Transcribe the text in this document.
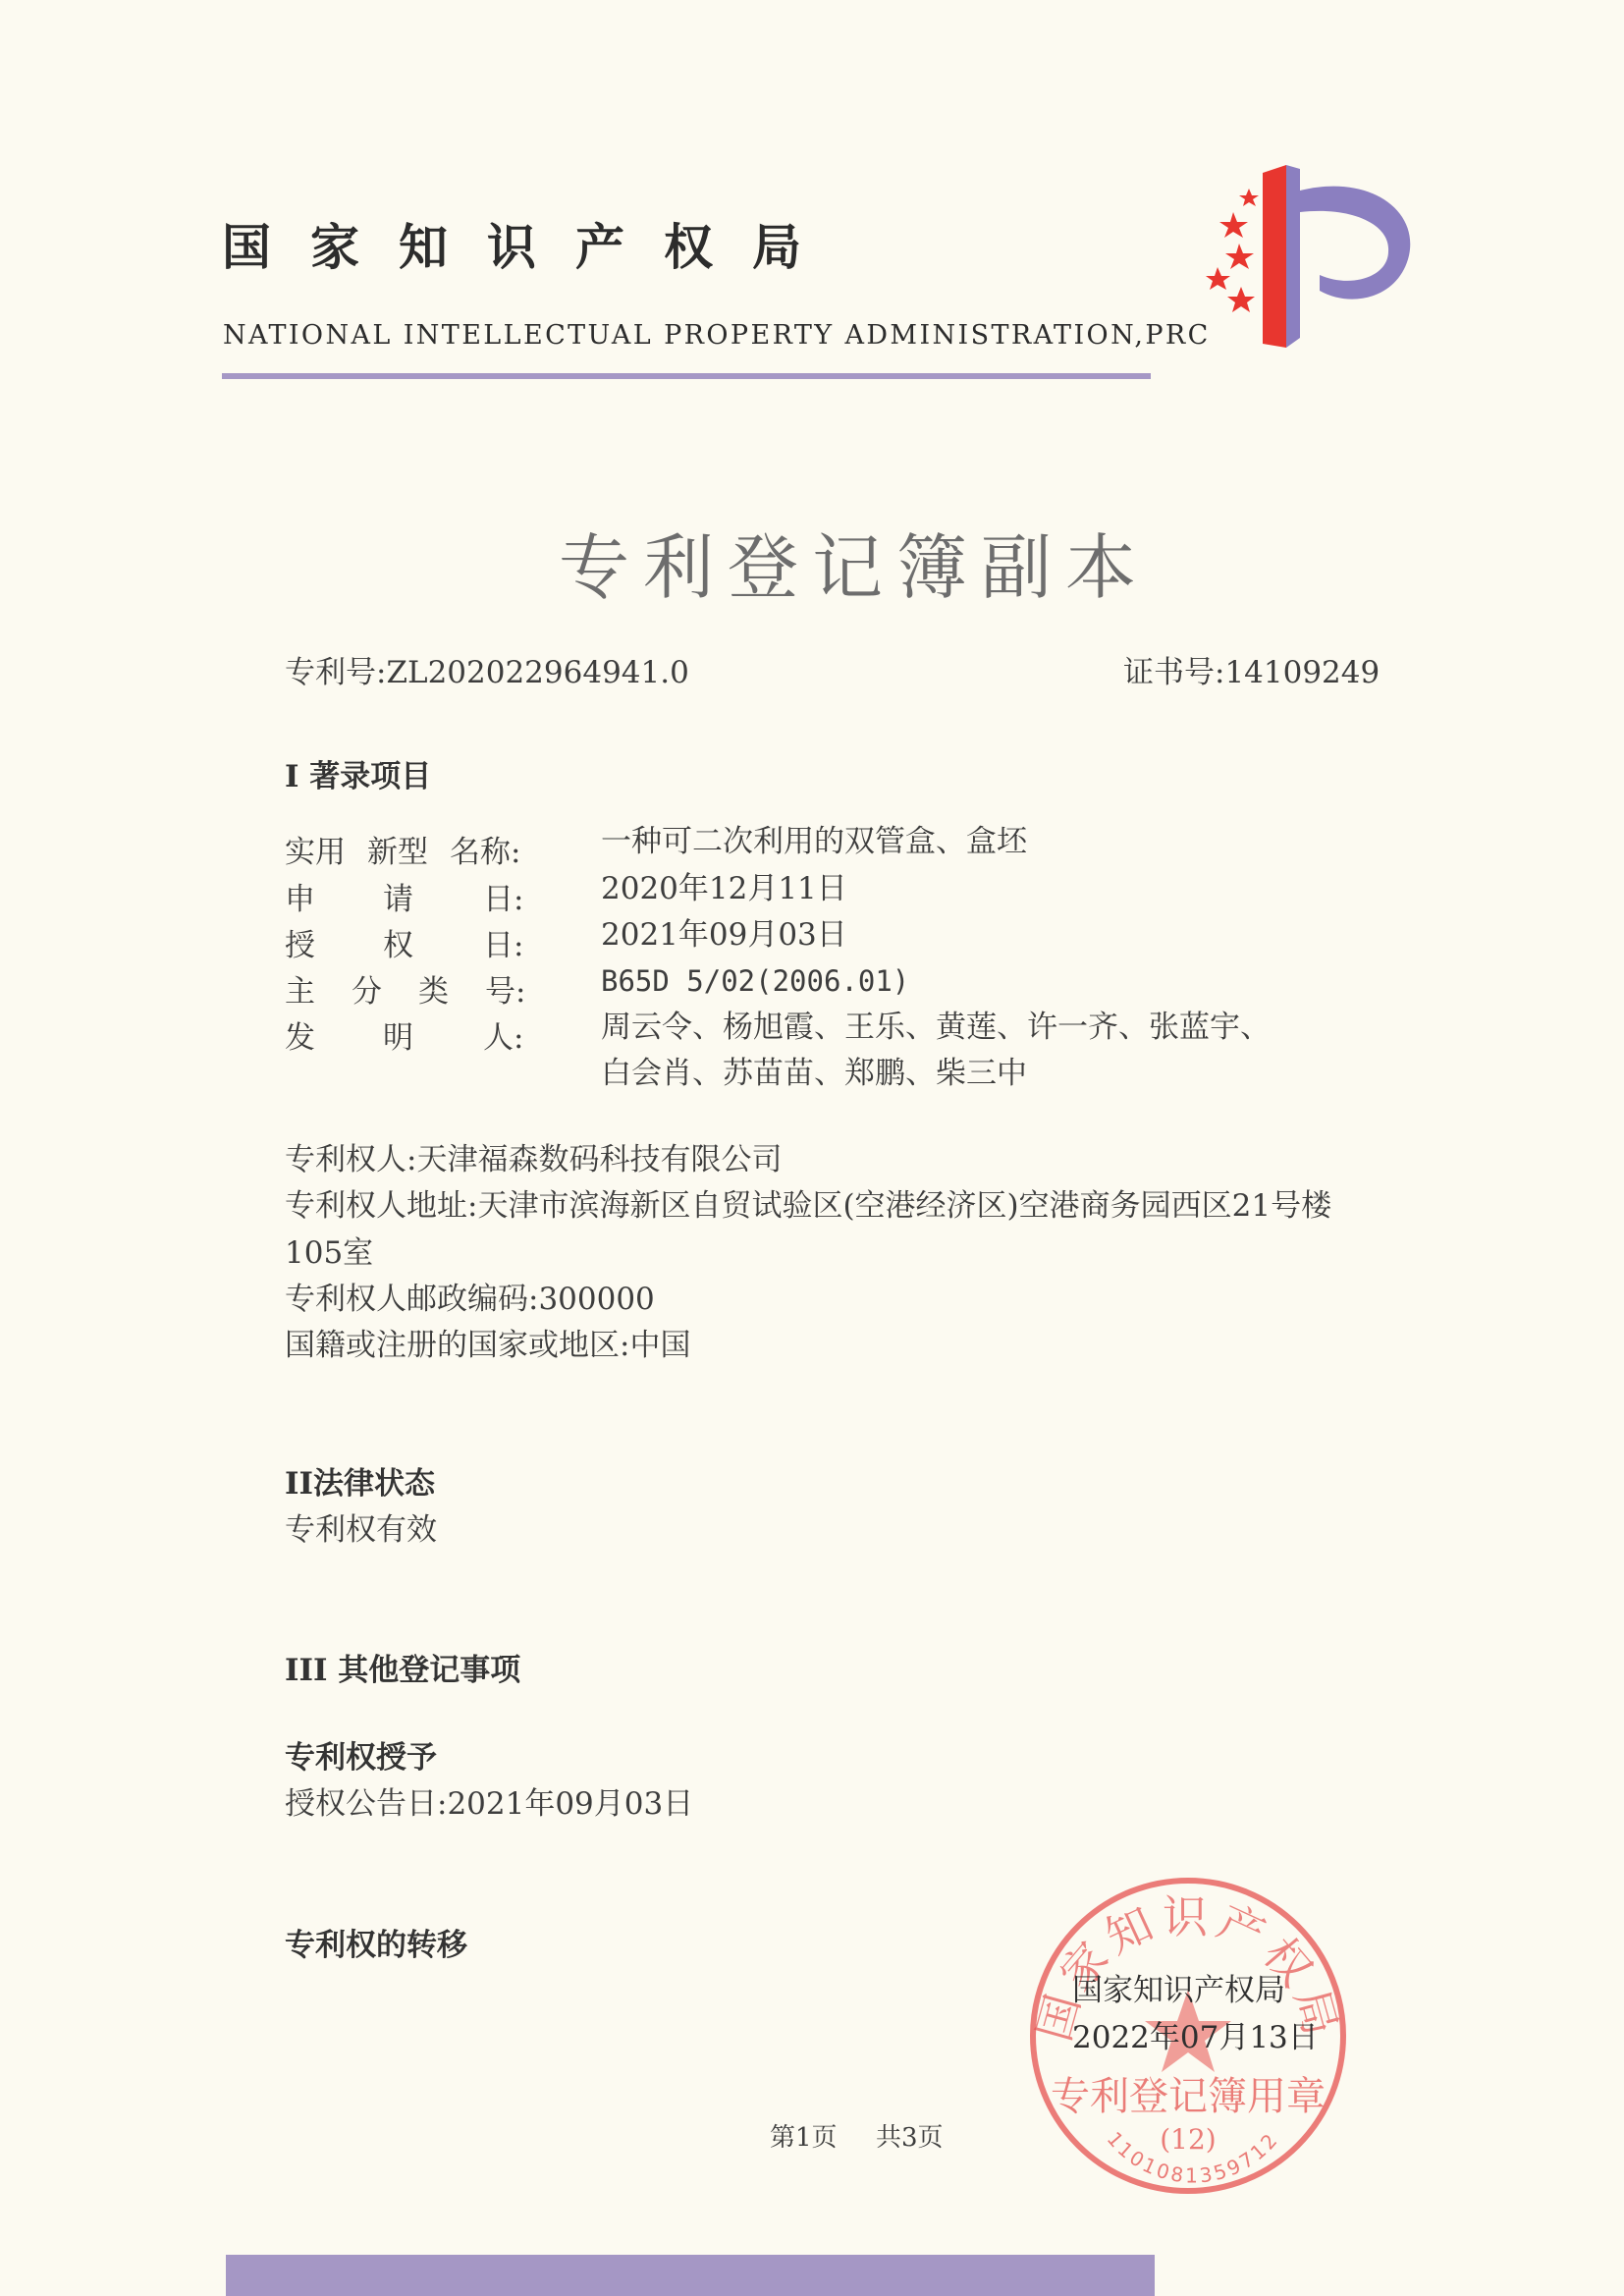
国家知识产权局
NATIONAL INTELLECTUAL PROPERTY ADMINISTRATION,PRC
专利登记簿副本
专利号:ZL202022964941.0	证书号:14109249
I 著录项目
实用 新型 名称:	一种可二次利用的双管盒、盒坯
申 请 日:	2020年12月11日
授 权 日:	2021年09月03日
主 分 类 号:	B65D 5/02(2006.01)
发 明 人:	周云令、杨旭霞、王乐、黄莲、许一齐、张蓝宇、
白会肖、苏苗苗、郑鹏、柴三中
专利权人:天津福森数码科技有限公司
专利权人地址:天津市滨海新区自贸试验区(空港经济区)空港商务园西区21号楼
105室
专利权人邮政编码:300000
国籍或注册的国家或地区:中国
II法律状态
专利权有效
III 其他登记事项
专利权授予
授权公告日:2021年09月03日
专利权的转移
国家知识产权局
专利登记簿用章
(12)
1101081359712
国家知识产权局
2022年07月13日
第1页 共3页
